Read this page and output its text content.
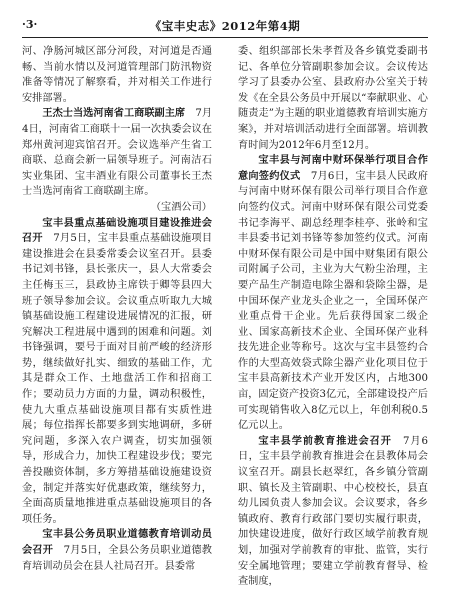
·3·	《宝丰史志》2012年第4期

河、净肠河城区部分河段，对河道是否通畅、当前水情以及河道管理部门防汛物资准备等情况了解察看，并对相关工作进行安排部署。

王杰士当选河南省工商联副主席　 7月4日，河南省工商联十一届一次执委会议在郑州黄河迎宾馆召开。会议选举产生省工商联、总商会新一届领导班子。河南洁石实业集团、宝丰酒业有限公司董事长王杰士当选河南省工商联副主席。

（宝酒公司）

宝丰县重点基础设施项目建设推进会召开　 7月5日，宝丰县重点基础设施项目建设推进会在县委常委会议室召开。县委书记刘书锋，县长张庆一，县人大常委会主任梅玉三，县政协主席铁于卿等县四大班子领导参加会议。会议重点听取九大城镇基础设施工程建设进展情况的汇报，研究解决工程进展中遇到的困难和问题。刘书锋强调，要号于面对目前严峻的经济形势，继续做好扎实、细致的基础工作，尤其是群众工作、土地盘活工作和招商工作；要动员力方面的力量，调动积极性，使九大重点基础设施项目都有实质性进展；每位指挥长都要多到实地调研，多研究问题，多深入农户调查，切实加强领导，形成合力，加快工程建设步伐；要完善投融资体制，多方筹措基础设施建设资金，制定并落实好优惠政策，继续努力，全面高质量地推进重点基础设施项目的各项任务。

宝丰县公务员职业道德教育培训动员会召开　 7月5日，全县公务员职业道德教育培训动员会在县人社局召开。县委常

委、组织部部长朱孝哲及各乡镇党委副书记、各单位分管副职参加会议。会议传达学习了县委办公室、县政府办公室关于转发《在全县公务员中开展以“奉献职业、心随责走”为主题的职业道德教育培训实施方案》，并对培训活动进行全面部署。培训教育时间为2012年6月至12月。

宝丰县与河南中财环保举行项目合作意向签约仪式　 7月6日，宝丰县人民政府与河南中财环保有限公司举行项目合作意向签约仪式。河南中财环保有限公司党委书记李海平、副总经理李桂亭、张岭和宝丰县委书记刘书锋等参加签约仪式。河南中财环保有限公司是中国中财集团有限公司附属子公司，主业为大气粉尘治理，主要产品生产制造电除尘器和袋除尘器，是中国环保产业龙头企业之一，全国环保产业重点骨干企业。先后获得国家二级企业、国家高新技术企业、全国环保产业科技先进企业等称号。这次与宝丰县签约合作的大型高效袋式除尘器产业化项目位于宝丰县高新技术产业开发区内，占地300亩，固定资产投资3亿元，全部建设投产后可实现销售收入8亿元以上，年创利税0.5亿元以上。

宝丰县学前教育推进会召开　 7月6日，宝丰县学前教育推进会在县教体局会议室召开。副县长赵翠红，各乡镇分管副职、镇长及主管副职、中心校校长，县直幼儿园负责人参加会议。会议要求，各乡镇政府、教育行政部门要切实履行职责，加快建设进度，做好行政区域学前教育规划，加强对学前教育的审批、监管，实行安全属地管理；要建立学前教育督导、检查制度，
